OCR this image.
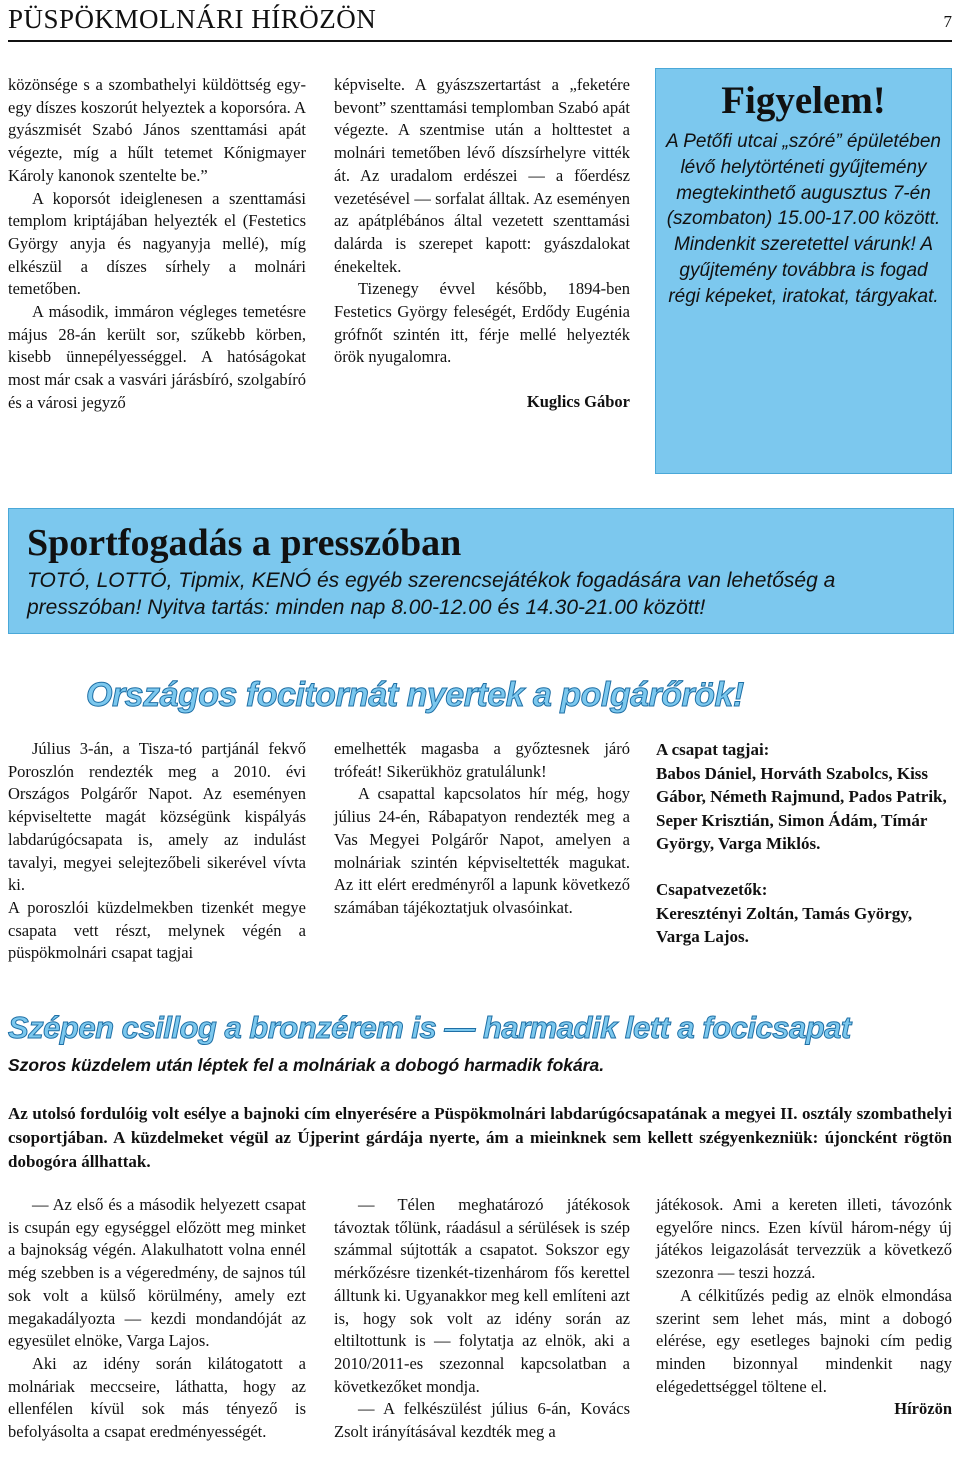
PÜSPÖKMOLNÁRI HÍRÖZÖN	7

közönsége s a szombathelyi küldöttség egy-egy díszes koszorút helyeztek a koporsóra. A gyászmisét Szabó János szenttamási apát végezte, míg a hűlt tetemet Kőnigmayer Károly kanonok szentelte be.”

A koporsót ideiglenesen a szenttamási templom kriptájában helyezték el (Festetics György anyja és nagyanyja mellé), míg elkészül a díszes sírhely a molnári temetőben.

A második, immáron végleges temetésre május 28-án került sor, szűkebb körben, kisebb ünnepélyességgel. A hatóságokat most már csak a vasvári járásbíró, szolgabíró és a városi jegyző

képviselte. A gyászszertartást a „feketére bevont” szenttamási templomban Szabó apát végezte. A szentmise után a holttestet a molnári temetőben lévő díszsírhelyre vitték át. Az uradalom erdészei — a főerdész vezetésével — sorfalat álltak. Az eseményen az apátplébános által vezetett szenttamási dalárda is szerepet kapott: gyászdalokat énekeltek.

Tizenegy évvel később, 1894-ben Festetics György feleségét, Erdődy Eugénia grófnőt szintén itt, férje mellé helyezték örök nyugalomra.

Kuglics Gábor

Figyelem!
A Petőfi utcai „szóré” épületében lévő helytörténeti gyűjtemény megtekinthető augusztus 7-én (szombaton) 15.00-17.00 között. Mindenkit szeretettel várunk! A gyűjtemény továbbra is fogad régi képeket, iratokat, tárgyakat.
Sportfogadás a presszóban
TOTÓ, LOTTÓ, Tipmix, KENÓ és egyéb szerencsejátékok fogadására van lehetőség a presszóban! Nyitva tartás: minden nap 8.00-12.00 és 14.30-21.00 között!
Országos focitornát nyertek a polgárőrök!

Július 3-án, a Tisza-tó partjánál fekvő Poroszlón rendezték meg a 2010. évi Országos Polgárőr Napot. Az eseményen képviseltette magát községünk kispályás labdarúgócsapata is, amely az indulást tavalyi, megyei selejtezőbeli sikerével vívta ki.

A poroszlói küzdelmekben tizenkét megye csapata vett részt, melynek végén a püspökmolnári csapat tagjai

emelhették magasba a győztesnek járó trófeát! Sikerükhöz gratulálunk!

A csapattal kapcsolatos hír még, hogy július 24-én, Rábapatyon rendezték meg a Vas Megyei Polgárőr Napot, amelyen a molnáriak szintén képviseltették magukat. Az itt elért eredményről a lapunk következő számában tájékoztatjuk olvasóinkat.

A csapat tagjai:

Babos Dániel, Horváth Szabolcs, Kiss Gábor, Németh Rajmund, Pados Patrik, Seper Krisztián, Simon Ádám, Tímár György, Varga Miklós.

Csapatvezetők:

Keresztényi Zoltán, Tamás György, Varga Lajos.

Szépen csillog a bronzérem is — harmadik lett a focicsapat
Szoros küzdelem után léptek fel a molnáriak a dobogó harmadik fokára.
Az utolsó fordulóig volt esélye a bajnoki cím elnyerésére a Püspökmolnári labdarúgócsapatának a megyei II. osztály szombathelyi csoportjában. A küzdelmeket végül az Újperint gárdája nyerte, ám a mieinknek sem kellett szégyenkezniük: újoncként rögtön dobogóra állhattak.

— Az első és a második helyezett csapat is csupán egy egységgel előzött meg minket a bajnokság végén. Alakulhatott volna ennél még szebben is a végeredmény, de sajnos túl sok volt a külső körülmény, amely ezt megakadályozta — kezdi mondandóját az egyesület elnöke, Varga Lajos.

Aki az idény során kilátogatott a molnáriak meccseire, láthatta, hogy az ellenfélen kívül sok más tényező is befolyásolta a csapat eredményességét.

— Télen meghatározó játékosok távoztak tőlünk, ráadásul a sérülések is szép számmal sújtották a csapatot. Sokszor egy mérkőzésre tizenkét-tizenhárom fős kerettel álltunk ki. Ugyanakkor meg kell említeni azt is, hogy sok volt az idény során az eltiltottunk is — folytatja az elnök, aki a 2010/2011-es szezonnal kapcsolatban a következőket mondja.

— A felkészülést július 6-án, Kovács Zsolt irányításával kezdték meg a

játékosok. Ami a kereten illeti, távozónk egyelőre nincs. Ezen kívül három-négy új játékos leigazolását tervezzük a következő szezonra — teszi hozzá.

A célkitűzés pedig az elnök elmondása szerint sem lehet más, mint a dobogó elérése, egy esetleges bajnoki cím pedig minden bizonnyal mindenkit nagy elégedettséggel töltene el.

Hírözön
